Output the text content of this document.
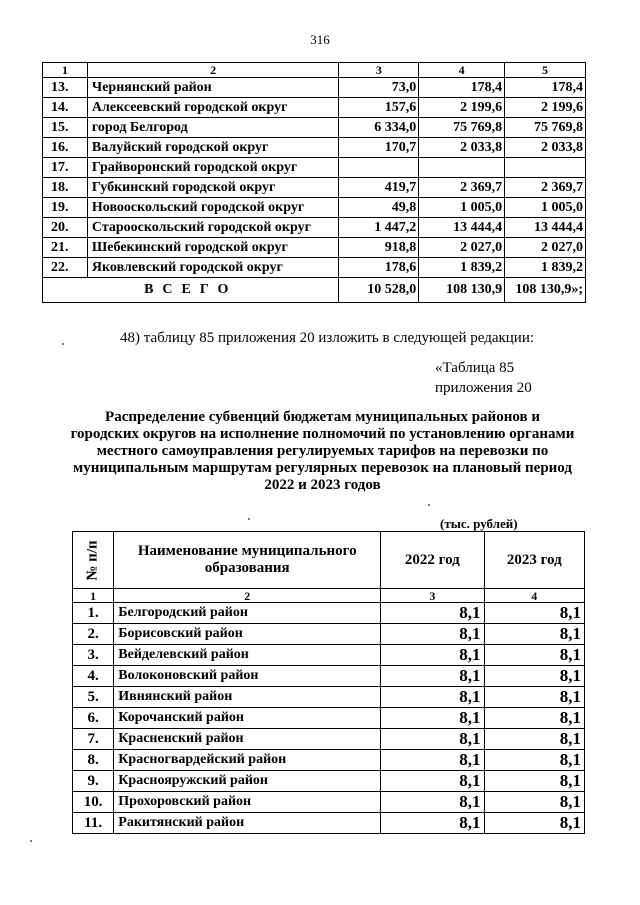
316
1	2	3	4	5
13.	Чернянский район	73,0	178,4	178,4
14.	Алексеевский городской округ	157,6	2 199,6	2 199,6
15.	город Белгород	6 334,0	75 769,8	75 769,8
16.	Валуйский городской округ	170,7	2 033,8	2 033,8
17.	Грайворонский городской округ			
18.	Губкинский городской округ	419,7	2 369,7	2 369,7
19.	Новооскольский городской округ	49,8	1 005,0	1 005,0
20.	Старооскольский городской округ	1 447,2	13 444,4	13 444,4
21.	Шебекинский городской округ	918,8	2 027,0	2 027,0
22.	Яковлевский городской округ	178,6	1 839,2	1 839,2
ВСЕГО		10 528,0	108 130,9	108 130,9»;
48) таблицу 85 приложения 20 изложить в следующей редакции:
«Таблица 85
приложения 20
Распределение субвенций бюджетам муниципальных районов и
городских округов на исполнение полномочий по установлению органами
местного самоуправления регулируемых тарифов на перевозки по
муниципальным маршрутам регулярных перевозок на плановый период
2022 и 2023 годов
(тыс. рублей)
№ п/п	Наименование муниципального образования	2022 год	2023 год
1	2	3	4
1.	Белгородский район	8,1	8,1
2.	Борисовский район	8,1	8,1
3.	Вейделевский район	8,1	8,1
4.	Волоконовский район	8,1	8,1
5.	Ивнянский район	8,1	8,1
6.	Корочанский район	8,1	8,1
7.	Красненский район	8,1	8,1
8.	Красногвардейский район	8,1	8,1
9.	Краснояружский район	8,1	8,1
10.	Прохоровский район	8,1	8,1
11.	Ракитянский район	8,1	8,1
